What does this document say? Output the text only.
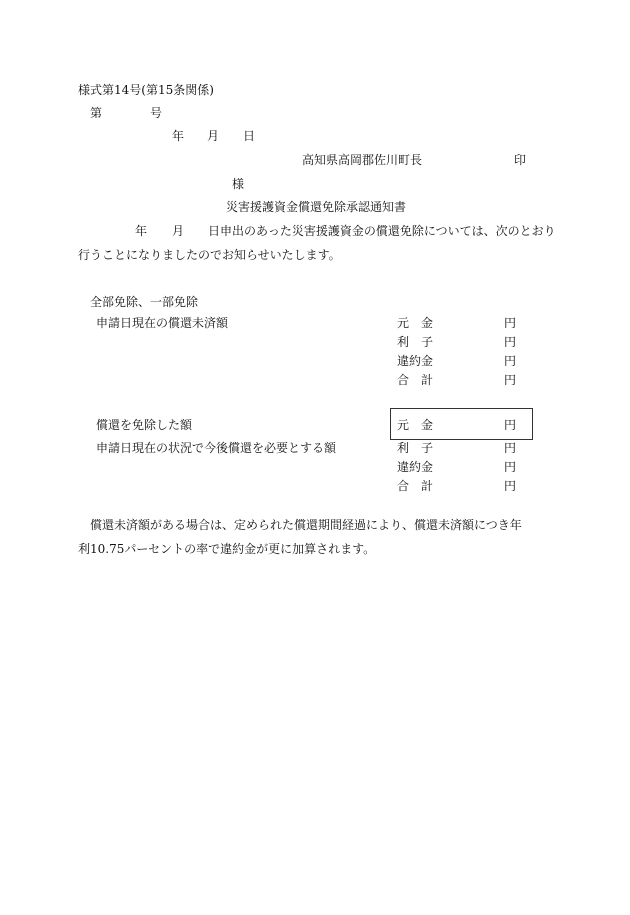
様式第14号(第15条関係)
第	号
年 月 日
高知県高岡郡佐川町長	印
様
災害援護資金償還免除承認通知書
年 月 日申出のあった災害援護資金の償還免除については、次のとおり
行うことになりましたのでお知らせいたします。
全部免除、一部免除
申請日現在の償還未済額	元　金	円
利　子	円
違約金	円
合　計	円
償還を免除した額	元　金	円
申請日現在の状況で今後償還を必要とする額	利　子	円
違約金	円
合　計	円
償還未済額がある場合は、定められた償還期間経過により、償還未済額につき年
利10.75パーセントの率で違約金が更に加算されます。
